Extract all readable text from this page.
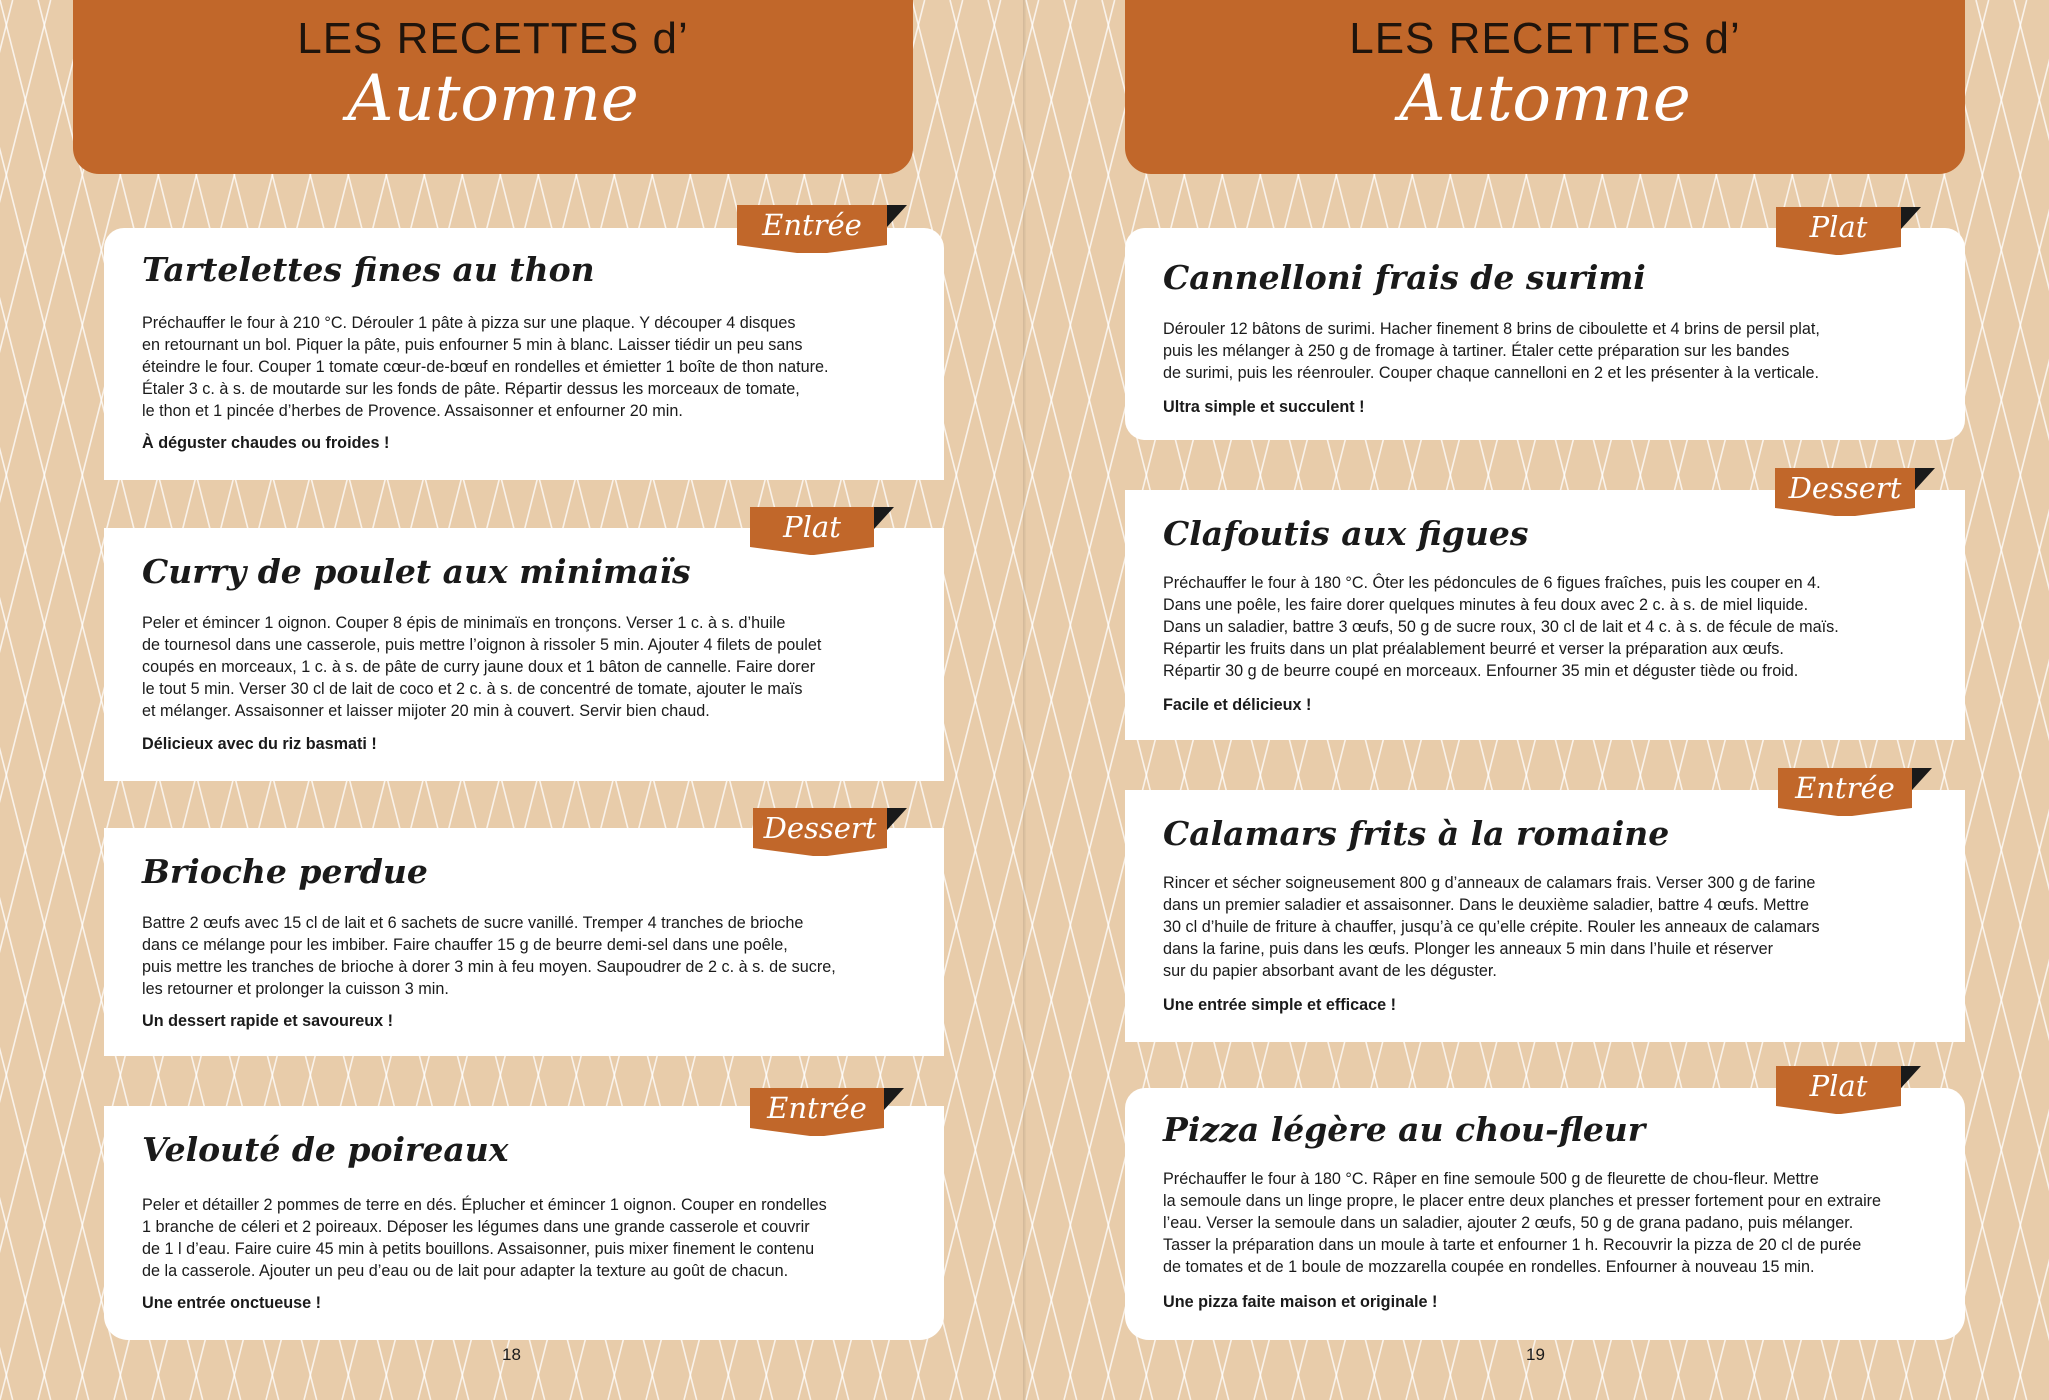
LES RECETTES d’
Automne
Tartelettes fines au thon

Préchauffer le four à 210 °C. Dérouler 1 pâte à pizza sur une plaque. Y découper 4 disques
en retournant un bol. Piquer la pâte, puis enfourner 5 min à blanc. Laisser tiédir un peu sans
éteindre le four. Couper 1 tomate cœur-de-bœuf en rondelles et émietter 1 boîte de thon nature.
Étaler 3 c. à s. de moutarde sur les fonds de pâte. Répartir dessus les morceaux de tomate,
le thon et 1 pincée d’herbes de Provence. Assaisonner et enfourner 20 min.

À déguster chaudes ou froides !

Entrée
Curry de poulet aux minimaïs

Peler et émincer 1 oignon. Couper 8 épis de minimaïs en tronçons. Verser 1 c. à s. d’huile
de tournesol dans une casserole, puis mettre l’oignon à rissoler 5 min. Ajouter 4 filets de poulet
coupés en morceaux, 1 c. à s. de pâte de curry jaune doux et 1 bâton de cannelle. Faire dorer
le tout 5 min. Verser 30 cl de lait de coco et 2 c. à s. de concentré de tomate, ajouter le maïs
et mélanger. Assaisonner et laisser mijoter 20 min à couvert. Servir bien chaud.

Délicieux avec du riz basmati !

Plat
Brioche perdue

Battre 2 œufs avec 15 cl de lait et 6 sachets de sucre vanillé. Tremper 4 tranches de brioche
dans ce mélange pour les imbiber. Faire chauffer 15 g de beurre demi-sel dans une poêle,
puis mettre les tranches de brioche à dorer 3 min à feu moyen. Saupoudrer de 2 c. à s. de sucre,
les retourner et prolonger la cuisson 3 min.

Un dessert rapide et savoureux !

Dessert
Velouté de poireaux

Peler et détailler 2 pommes de terre en dés. Éplucher et émincer 1 oignon. Couper en rondelles
1 branche de céleri et 2 poireaux. Déposer les légumes dans une grande casserole et couvrir
de 1 l d’eau. Faire cuire 45 min à petits bouillons. Assaisonner, puis mixer finement le contenu
de la casserole. Ajouter un peu d’eau ou de lait pour adapter la texture au goût de chacun.

Une entrée onctueuse !

Entrée
18
LES RECETTES d’
Automne
Cannelloni frais de surimi

Dérouler 12 bâtons de surimi. Hacher finement 8 brins de ciboulette et 4 brins de persil plat,
puis les mélanger à 250 g de fromage à tartiner. Étaler cette préparation sur les bandes
de surimi, puis les réenrouler. Couper chaque cannelloni en 2 et les présenter à la verticale.

Ultra simple et succulent !

Plat
Clafoutis aux figues

Préchauffer le four à 180 °C. Ôter les pédoncules de 6 figues fraîches, puis les couper en 4.
Dans une poêle, les faire dorer quelques minutes à feu doux avec 2 c. à s. de miel liquide.
Dans un saladier, battre 3 œufs, 50 g de sucre roux, 30 cl de lait et 4 c. à s. de fécule de maïs.
Répartir les fruits dans un plat préalablement beurré et verser la préparation aux œufs.
Répartir 30 g de beurre coupé en morceaux. Enfourner 35 min et déguster tiède ou froid.

Facile et délicieux !

Dessert
Calamars frits à la romaine

Rincer et sécher soigneusement 800 g d’anneaux de calamars frais. Verser 300 g de farine
dans un premier saladier et assaisonner. Dans le deuxième saladier, battre 4 œufs. Mettre
30 cl d’huile de friture à chauffer, jusqu’à ce qu’elle crépite. Rouler les anneaux de calamars
dans la farine, puis dans les œufs. Plonger les anneaux 5 min dans l’huile et réserver
sur du papier absorbant avant de les déguster.

Une entrée simple et efficace !

Entrée
Pizza légère au chou-fleur

Préchauffer le four à 180 °C. Râper en fine semoule 500 g de fleurette de chou-fleur. Mettre
la semoule dans un linge propre, le placer entre deux planches et presser fortement pour en extraire
l’eau. Verser la semoule dans un saladier, ajouter 2 œufs, 50 g de grana padano, puis mélanger.
Tasser la préparation dans un moule à tarte et enfourner 1 h. Recouvrir la pizza de 20 cl de purée
de tomates et de 1 boule de mozzarella coupée en rondelles. Enfourner à nouveau 15 min.

Une pizza faite maison et originale !

Plat
19
